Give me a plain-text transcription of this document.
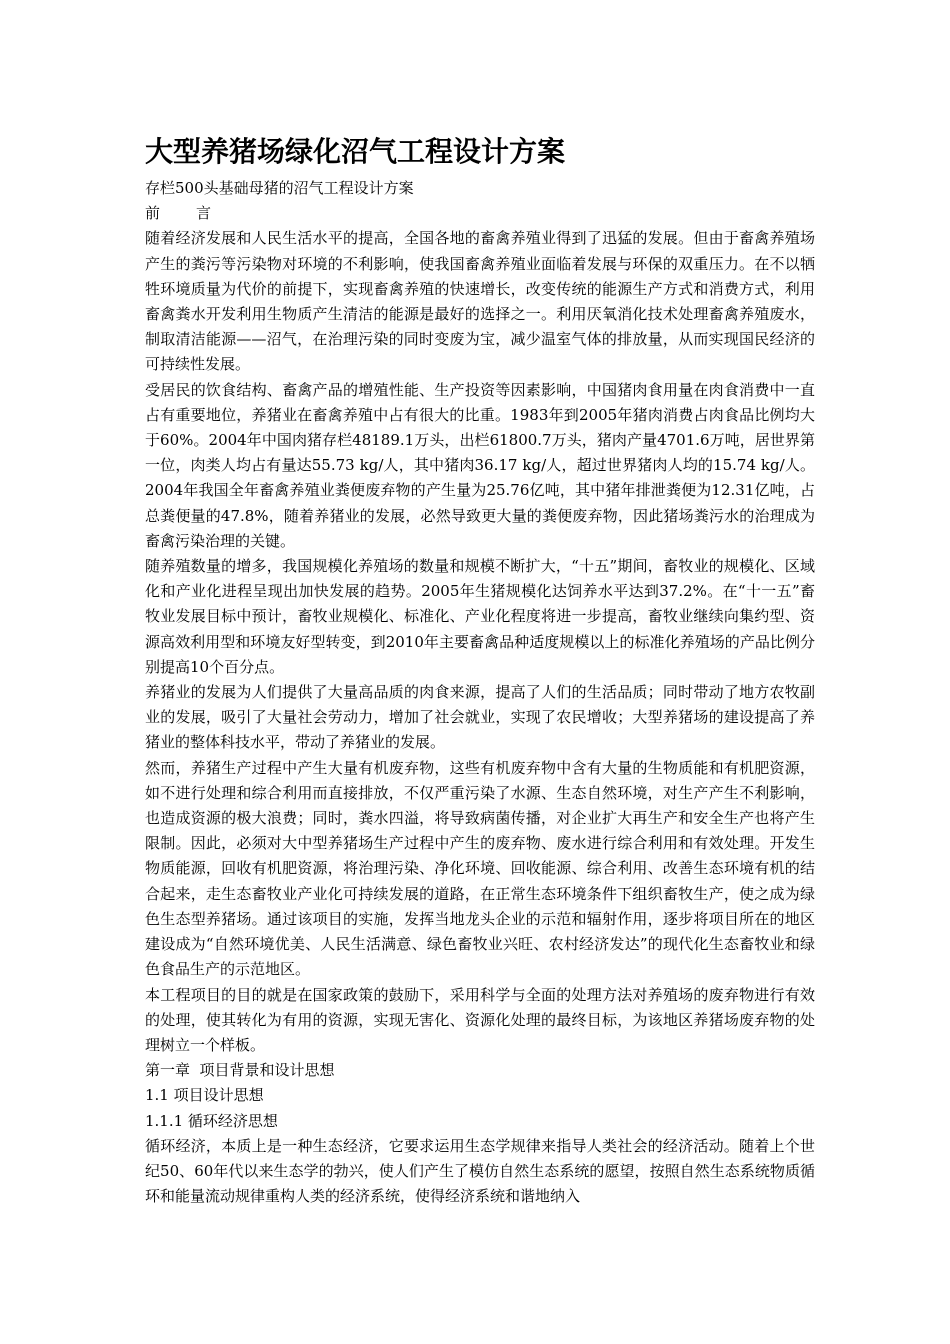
大型养猪场绿化沼气工程设计方案

存栏500头基础母猪的沼气工程设计方案

前 言

随着经济发展和人民生活水平的提高，全国各地的畜禽养殖业得到了迅猛的发展。但由于畜禽养殖场产生的粪污等污染物对环境的不利影响，使我国畜禽养殖业面临着发展与环保的双重压力。在不以牺牲环境质量为代价的前提下，实现畜禽养殖的快速增长，改变传统的能源生产方式和消费方式，利用畜禽粪水开发利用生物质产生清洁的能源是最好的选择之一。利用厌氧消化技术处理畜禽养殖废水，制取清洁能源——沼气，在治理污染的同时变废为宝，减少温室气体的排放量，从而实现国民经济的可持续性发展。

受居民的饮食结构、畜禽产品的增殖性能、生产投资等因素影响，中国猪肉食用量在肉食消费中一直占有重要地位，养猪业在畜禽养殖中占有很大的比重。1983年到2005年猪肉消费占肉食品比例均大于60%。2004年中国肉猪存栏48189.1万头，出栏61800.7万头，猪肉产量4701.6万吨，居世界第一位，肉类人均占有量达55.73 kg/人，其中猪肉36.17 kg/人，超过世界猪肉人均的15.74 kg/人。2004年我国全年畜禽养殖业粪便废弃物的产生量为25.76亿吨，其中猪年排泄粪便为12.31亿吨，占总粪便量的47.8%，随着养猪业的发展，必然导致更大量的粪便废弃物，因此猪场粪污水的治理成为畜禽污染治理的关键。

随养殖数量的增多，我国规模化养殖场的数量和规模不断扩大，“十五”期间，畜牧业的规模化、区域化和产业化进程呈现出加快发展的趋势。2005年生猪规模化达饲养水平达到37.2%。在“十一五”畜牧业发展目标中预计，畜牧业规模化、标准化、产业化程度将进一步提高，畜牧业继续向集约型、资源高效利用型和环境友好型转变，到2010年主要畜禽品种适度规模以上的标准化养殖场的产品比例分别提高10个百分点。

养猪业的发展为人们提供了大量高品质的肉食来源，提高了人们的生活品质；同时带动了地方农牧副业的发展，吸引了大量社会劳动力，增加了社会就业，实现了农民增收；大型养猪场的建设提高了养猪业的整体科技水平，带动了养猪业的发展。

然而，养猪生产过程中产生大量有机废弃物，这些有机废弃物中含有大量的生物质能和有机肥资源，如不进行处理和综合利用而直接排放，不仅严重污染了水源、生态自然环境，对生产产生不利影响，也造成资源的极大浪费；同时，粪水四溢，将导致病菌传播，对企业扩大再生产和安全生产也将产生限制。因此，必须对大中型养猪场生产过程中产生的废弃物、废水进行综合利用和有效处理。开发生物质能源，回收有机肥资源，将治理污染、净化环境、回收能源、综合利用、改善生态环境有机的结合起来，走生态畜牧业产业化可持续发展的道路，在正常生态环境条件下组织畜牧生产，使之成为绿色生态型养猪场。通过该项目的实施，发挥当地龙头企业的示范和辐射作用，逐步将项目所在的地区建设成为“自然环境优美、人民生活满意、绿色畜牧业兴旺、农村经济发达”的现代化生态畜牧业和绿色食品生产的示范地区。

本工程项目的目的就是在国家政策的鼓励下，采用科学与全面的处理方法对养殖场的废弃物进行有效的处理，使其转化为有用的资源，实现无害化、资源化处理的最终目标，为该地区养猪场废弃物的处理树立一个样板。

第一章  项目背景和设计思想

1.1 项目设计思想

1.1.1 循环经济思想

循环经济，本质上是一种生态经济，它要求运用生态学规律来指导人类社会的经济活动。随着上个世纪50、60年代以来生态学的勃兴，使人们产生了模仿自然生态系统的愿望，按照自然生态系统物质循环和能量流动规律重构人类的经济系统，使得经济系统和谐地纳入
